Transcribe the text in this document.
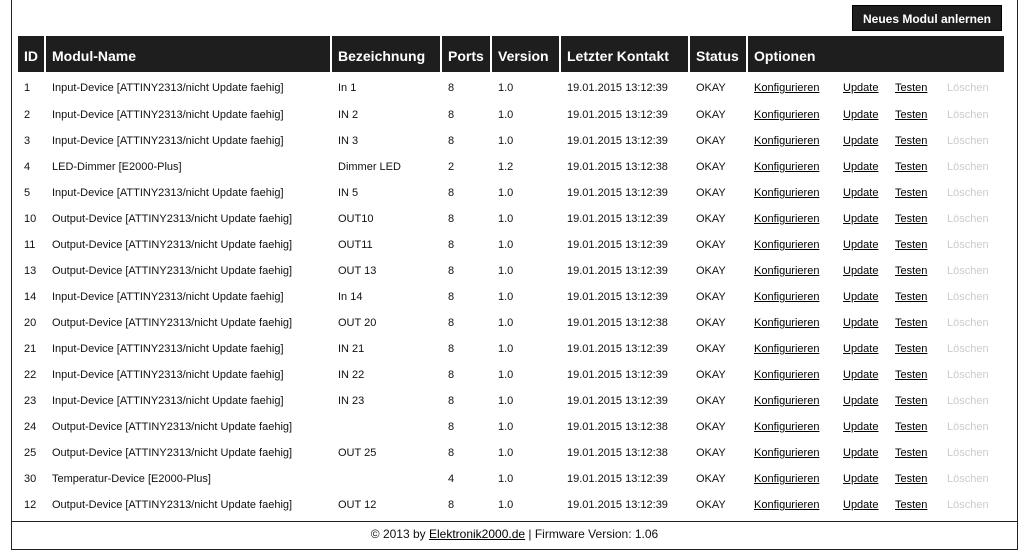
Neues Modul anlernen
ID	Modul-Name	Bezeichnung	Ports	Version	Letzter Kontakt	Status	Optionen
1	Input-Device [ATTINY2313/nicht Update faehig]	In 1	8	1.0	19.01.2015 13:12:39	OKAY	Konfigurieren Update Testen Löschen
2	Input-Device [ATTINY2313/nicht Update faehig]	IN 2	8	1.0	19.01.2015 13:12:39	OKAY	Konfigurieren Update Testen Löschen
3	Input-Device [ATTINY2313/nicht Update faehig]	IN 3	8	1.0	19.01.2015 13:12:39	OKAY	Konfigurieren Update Testen Löschen
4	LED-Dimmer [E2000-Plus]	Dimmer LED	2	1.2	19.01.2015 13:12:38	OKAY	Konfigurieren Update Testen Löschen
5	Input-Device [ATTINY2313/nicht Update faehig]	IN 5	8	1.0	19.01.2015 13:12:39	OKAY	Konfigurieren Update Testen Löschen
10	Output-Device [ATTINY2313/nicht Update faehig]	OUT10	8	1.0	19.01.2015 13:12:39	OKAY	Konfigurieren Update Testen Löschen
11	Output-Device [ATTINY2313/nicht Update faehig]	OUT11	8	1.0	19.01.2015 13:12:39	OKAY	Konfigurieren Update Testen Löschen
13	Output-Device [ATTINY2313/nicht Update faehig]	OUT 13	8	1.0	19.01.2015 13:12:39	OKAY	Konfigurieren Update Testen Löschen
14	Input-Device [ATTINY2313/nicht Update faehig]	In 14	8	1.0	19.01.2015 13:12:39	OKAY	Konfigurieren Update Testen Löschen
20	Output-Device [ATTINY2313/nicht Update faehig]	OUT 20	8	1.0	19.01.2015 13:12:38	OKAY	Konfigurieren Update Testen Löschen
21	Input-Device [ATTINY2313/nicht Update faehig]	IN 21	8	1.0	19.01.2015 13:12:39	OKAY	Konfigurieren Update Testen Löschen
22	Input-Device [ATTINY2313/nicht Update faehig]	IN 22	8	1.0	19.01.2015 13:12:39	OKAY	Konfigurieren Update Testen Löschen
23	Input-Device [ATTINY2313/nicht Update faehig]	IN 23	8	1.0	19.01.2015 13:12:39	OKAY	Konfigurieren Update Testen Löschen
24	Output-Device [ATTINY2313/nicht Update faehig]		8	1.0	19.01.2015 13:12:38	OKAY	Konfigurieren Update Testen Löschen
25	Output-Device [ATTINY2313/nicht Update faehig]	OUT 25	8	1.0	19.01.2015 13:12:38	OKAY	Konfigurieren Update Testen Löschen
30	Temperatur-Device [E2000-Plus]		4	1.0	19.01.2015 13:12:39	OKAY	Konfigurieren Update Testen Löschen
12	Output-Device [ATTINY2313/nicht Update faehig]	OUT 12	8	1.0	19.01.2015 13:12:39	OKAY	Konfigurieren Update Testen Löschen
© 2013 by Elektronik2000.de | Firmware Version: 1.06
